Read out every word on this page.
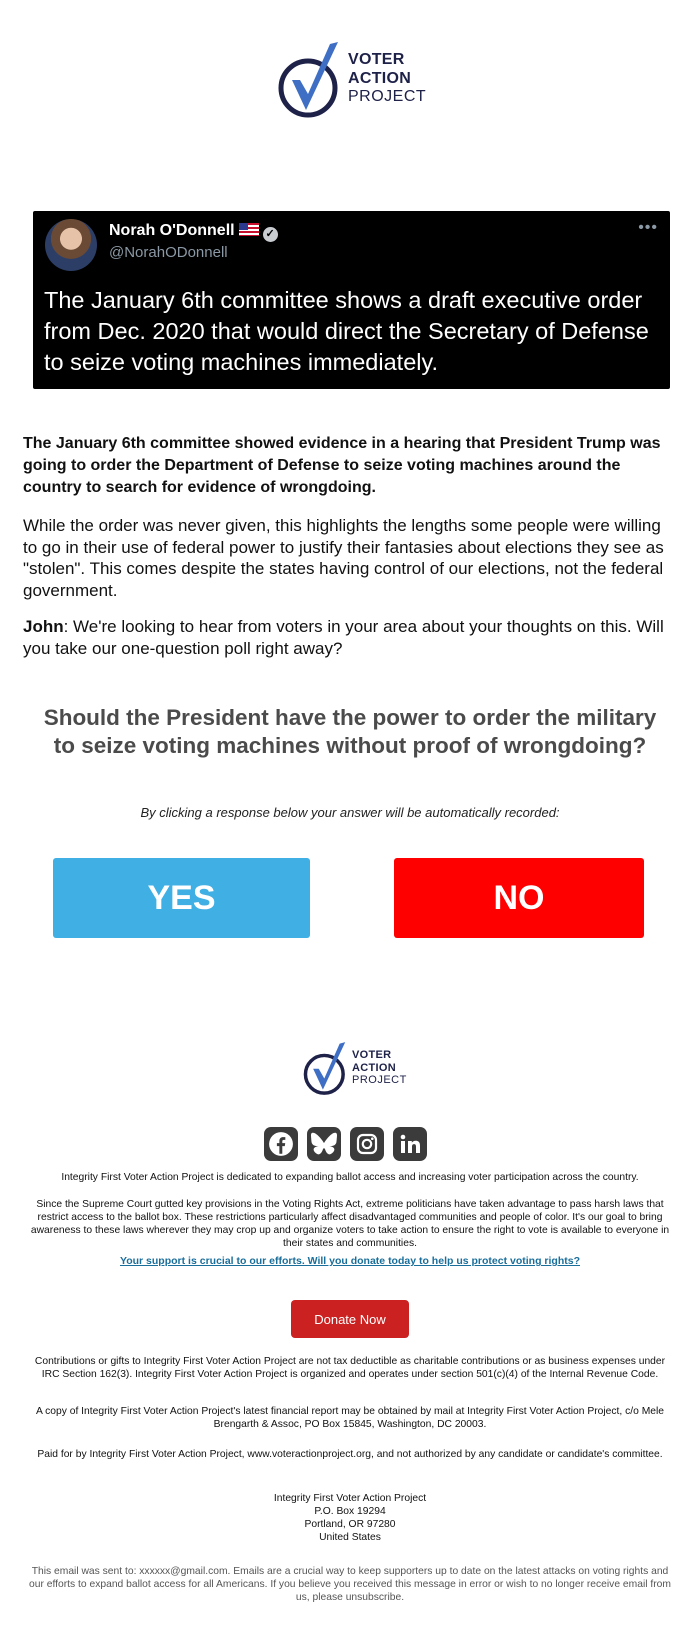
VOTER
ACTION
PROJECT
Norah O'Donnell	✓
@NorahODonnell
•••
The January 6th committee shows a draft executive order from Dec. 2020 that would direct the Secretary of Defense to seize voting machines immediately.

The January 6th committee showed evidence in a hearing that President Trump was going to order the Department of Defense to seize voting machines around the country to search for evidence of wrongdoing.

While the order was never given, this highlights the lengths some people were willing to go in their use of federal power to justify their fantasies about elections they see as "stolen". This comes despite the states having control of our elections, not the federal government.

John: We're looking to hear from voters in your area about your thoughts on this. Will you take our one-question poll right away?

Should the President have the power to order the military to seize voting machines without proof of wrongdoing?

By clicking a response below your answer will be automatically recorded:

YES	NO
VOTER
ACTION
PROJECT

Integrity First Voter Action Project is dedicated to expanding ballot access and increasing voter participation across the country.

Since the Supreme Court gutted key provisions in the Voting Rights Act, extreme politicians have taken advantage to pass harsh laws that restrict access to the ballot box. These restrictions particularly affect disadvantaged communities and people of color. It's our goal to bring awareness to these laws wherever they may crop up and organize voters to take action to ensure the right to vote is available to everyone in their states and communities.

Your support is crucial to our efforts. Will you donate today to help us protect voting rights?
Donate Now

Contributions or gifts to Integrity First Voter Action Project are not tax deductible as charitable contributions or as business expenses under IRC Section 162(3). Integrity First Voter Action Project is organized and operates under section 501(c)(4) of the Internal Revenue Code.

A copy of Integrity First Voter Action Project's latest financial report may be obtained by mail at Integrity First Voter Action Project, c/o Mele Brengarth & Assoc, PO Box 15845, Washington, DC 20003.

Paid for by Integrity First Voter Action Project, www.voteractionproject.org, and not authorized by any candidate or candidate's committee.

Integrity First Voter Action Project
P.O. Box 19294
Portland, OR 97280
United States

This email was sent to: xxxxxx@gmail.com. Emails are a crucial way to keep supporters up to date on the latest attacks on voting rights and our efforts to expand ballot access for all Americans. If you believe you received this message in error or wish to no longer receive email from us, please unsubscribe.
